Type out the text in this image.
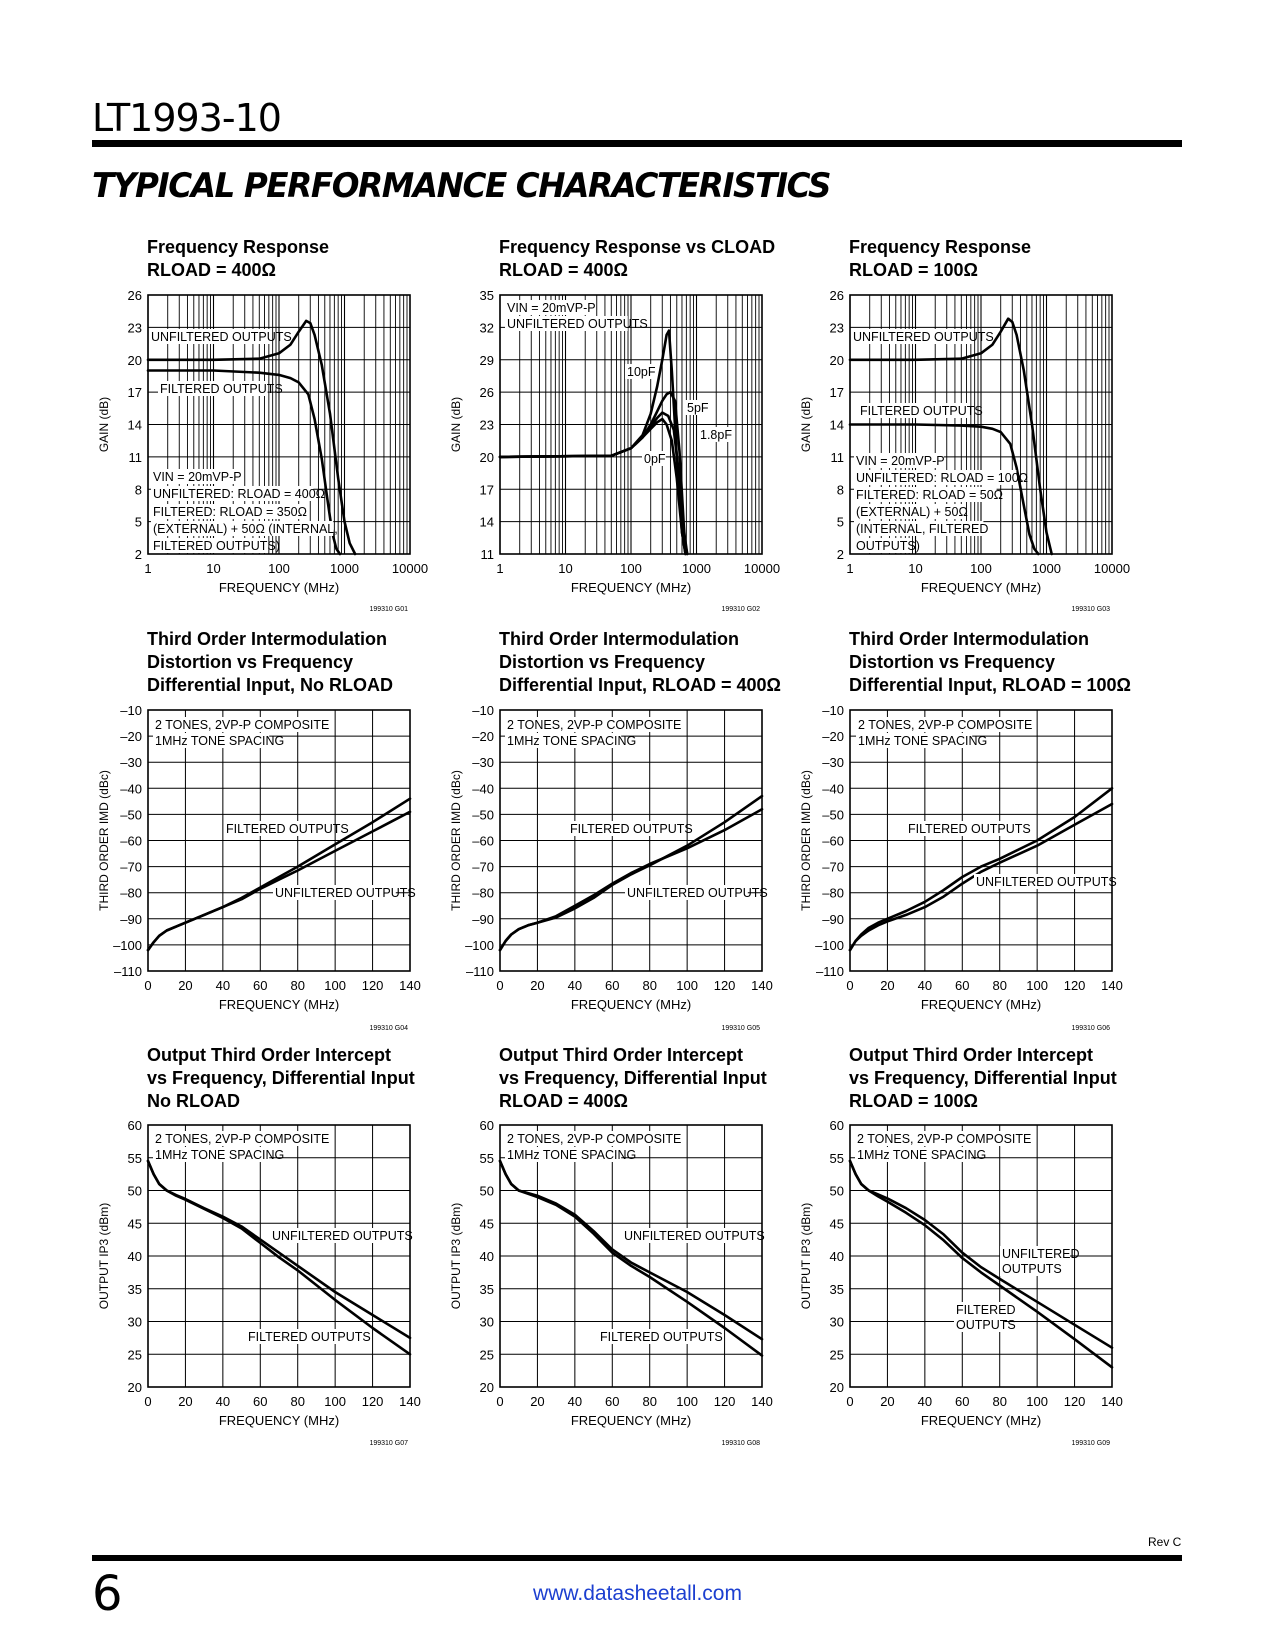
LT1993-10
TYPICAL PERFORMANCE CHARACTERISTICS
Frequency Response
RLOAD = 400Ω
2
5
8
11
14
17
20
23
26
1	10	100	1000	10000
FREQUENCY (MHz)
GAIN (dB)
UNFILTERED OUTPUTS
FILTERED OUTPUTS
VIN = 20mVP-P
UNFILTERED: RLOAD = 400Ω
FILTERED: RLOAD = 350Ω
(EXTERNAL) + 50Ω (INTERNAL,
FILTERED OUTPUTS)
199310 G01
Frequency Response vs CLOAD
RLOAD = 400Ω
11
14
17
20
23
26
29
32
35
1	10	100	1000	10000
FREQUENCY (MHz)
GAIN (dB)
VIN = 20mVP-P
UNFILTERED OUTPUTS
10pF
5pF
1.8pF
0pF
199310 G02
Frequency Response
RLOAD = 100Ω
2
5
8
11
14
17
20
23
26
1	10	100	1000	10000
FREQUENCY (MHz)
GAIN (dB)
UNFILTERED OUTPUTS
FILTERED OUTPUTS
VIN = 20mVP-P
UNFILTERED: RLOAD = 100Ω
FILTERED: RLOAD = 50Ω
(EXTERNAL) + 50Ω
(INTERNAL, FILTERED
OUTPUTS)
199310 G03
Third Order Intermodulation
Distortion vs Frequency
Differential Input, No RLOAD
–10
–20
–30
–40
–50
–60
–70
–80
–90
–100
–110
0 20 40 60 80 100 120 140
FREQUENCY (MHz)
THIRD ORDER IMD (dBc)
2 TONES, 2VP-P COMPOSITE
1MHz TONE SPACING
FILTERED OUTPUTS
UNFILTERED OUTPUTS
199310 G04
Third Order Intermodulation
Distortion vs Frequency
Differential Input, RLOAD = 400Ω
–10
–20
–30
–40
–50
–60
–70
–80
–90
–100
–110
0 20 40 60 80 100 120 140
FREQUENCY (MHz)
THIRD ORDER IMD (dBc)
2 TONES, 2VP-P COMPOSITE
1MHz TONE SPACING
FILTERED OUTPUTS
UNFILTERED OUTPUTS
199310 G05
Third Order Intermodulation
Distortion vs Frequency
Differential Input, RLOAD = 100Ω
–10
–20
–30
–40
–50
–60
–70
–80
–90
–100
–110
0 20 40 60 80 100 120 140
FREQUENCY (MHz)
THIRD ORDER IMD (dBc)
2 TONES, 2VP-P COMPOSITE
1MHz TONE SPACING
FILTERED OUTPUTS
UNFILTERED OUTPUTS
199310 G06
Output Third Order Intercept
vs Frequency, Differential Input
No RLOAD
20
25
30
35
40
45
50
55
60
0 20 40 60 80 100 120 140
FREQUENCY (MHz)
OUTPUT IP3 (dBm)
2 TONES, 2VP-P COMPOSITE
1MHz TONE SPACING
UNFILTERED OUTPUTS
FILTERED OUTPUTS
199310 G07
Output Third Order Intercept
vs Frequency, Differential Input
RLOAD = 400Ω
20
25
30
35
40
45
50
55
60
0 20 40 60 80 100 120 140
FREQUENCY (MHz)
OUTPUT IP3 (dBm)
2 TONES, 2VP-P COMPOSITE
1MHz TONE SPACING
UNFILTERED OUTPUTS
FILTERED OUTPUTS
199310 G08
Output Third Order Intercept
vs Frequency, Differential Input
RLOAD = 100Ω
20
25
30
35
40
45
50
55
60
0 20 40 60 80 100 120 140
FREQUENCY (MHz)
OUTPUT IP3 (dBm)
2 TONES, 2VP-P COMPOSITE
1MHz TONE SPACING
UNFILTERED
OUTPUTS
FILTERED
OUTPUTS
199310 G09
Rev C
6	www.datasheetall.com
